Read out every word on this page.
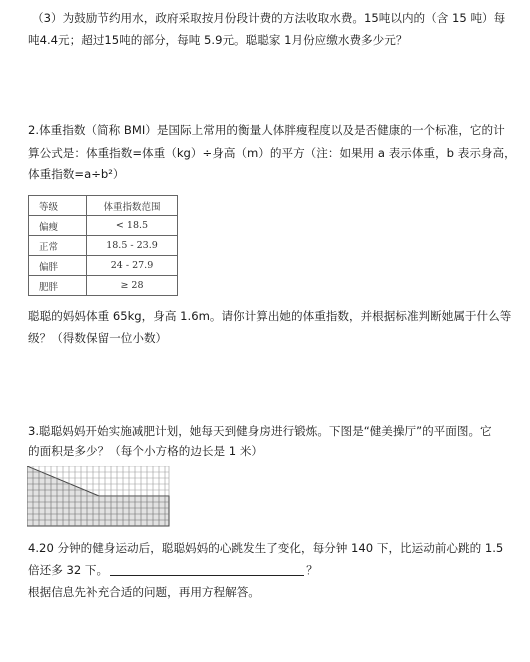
（3）为鼓励节约用水，政府采取按月份段计费的方法收取水费。15吨以内的（含 15 吨）每
吨4.4元；超过15吨的部分，每吨 5.9元。聪聪家 1月份应缴水费多少元？
2.体重指数（简称 BMI）是国际上常用的衡量人体胖瘦程度以及是否健康的一个标准，它的计
算公式是：体重指数=体重（kg）÷身高（m）的平方（注：如果用 a 表示体重，b 表示身高，
体重指数=a÷b²）
等级	体重指数范围
偏瘦	< 18.5
正常	18.5 - 23.9
偏胖	24 - 27.9
肥胖	≥ 28
聪聪的妈妈体重 65kg，身高 1.6m。请你计算出她的体重指数，并根据标准判断她属于什么等
级？（得数保留一位小数）
3.聪聪妈妈开始实施减肥计划，她每天到健身房进行锻炼。下图是“健美操厅”的平面图。它
的面积是多少？（每个小方格的边长是 1 米）
4.20 分钟的健身运动后，聪聪妈妈的心跳发生了变化，每分钟 140 下，比运动前心跳的 1.5
倍还多 32 下。	？
根据信息先补充合适的问题，再用方程解答。
